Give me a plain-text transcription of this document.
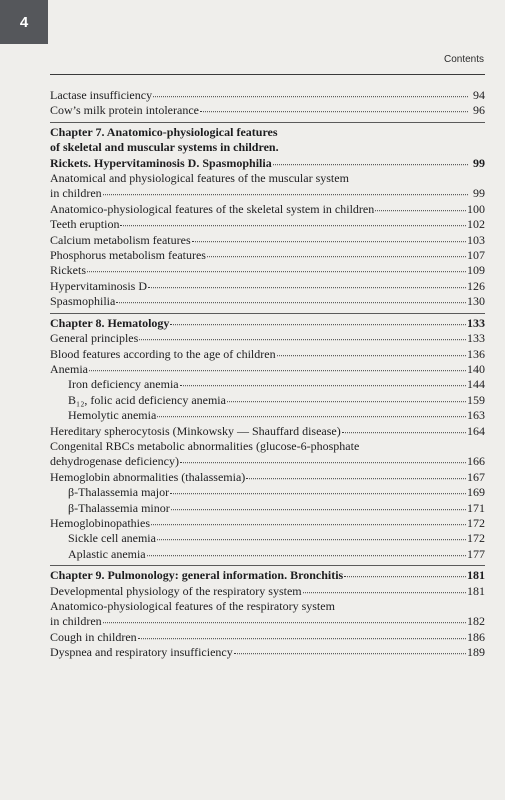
4
Contents
Lactase insufficiency	94
Cow’s milk protein intolerance	96
Chapter 7. Anatomico-physiological features
of skeletal and muscular systems in children.
Rickets. Hypervitaminosis D. Spasmophilia	99
Anatomical and physiological features of the muscular system
in children	99
Anatomico-physiological features of the skeletal system in children	100
Teeth eruption	102
Calcium metabolism features	103
Phosphorus metabolism features	107
Rickets	109
Hypervitaminosis D	126
Spasmophilia	130
Chapter 8. Hematology	133
General principles	133
Blood features according to the age of children	136
Anemia	140
Iron deficiency anemia	144
B₁₂, folic acid deficiency anemia	159
Hemolytic anemia	163
Hereditary spherocytosis (Minkowsky — Shauffard disease)	164
Congenital RBCs metabolic abnormalities (glucose-6-phosphate
dehydrogenase deficiency)	166
Hemoglobin abnormalities (thalassemia)	167
β-Thalassemia major	169
β-Thalassemia minor	171
Hemoglobinopathies	172
Sickle cell anemia	172
Aplastic anemia	177
Chapter 9. Pulmonology: general information. Bronchitis	181
Developmental physiology of the respiratory system	181
Anatomico-physiological features of the respiratory system
in children	182
Cough in children	186
Dyspnea and respiratory insufficiency	189
